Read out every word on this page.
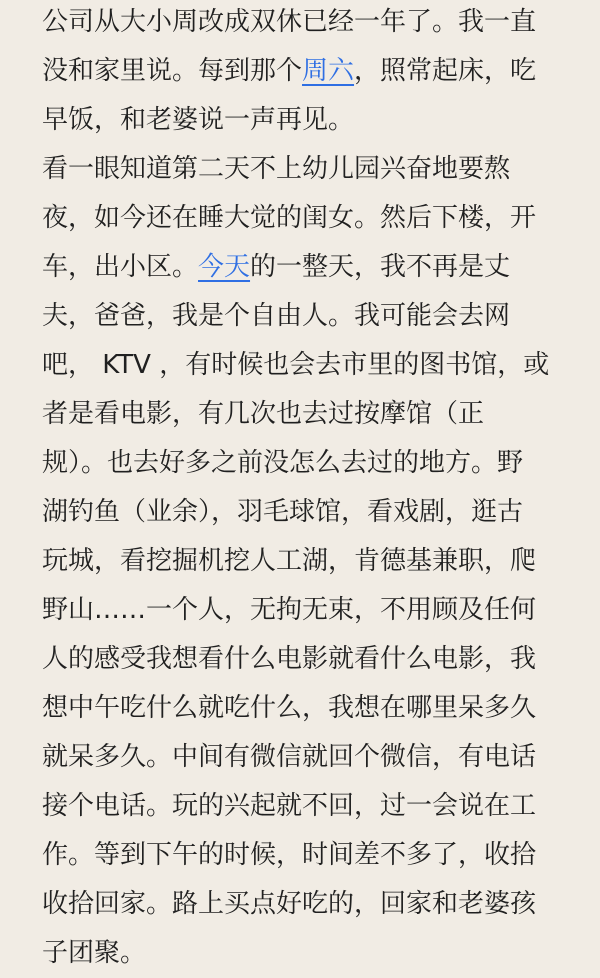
公司从大小周改成双休已经一年了。我一直
没和家里说。每到那个周六，照常起床，吃
早饭，和老婆说一声再见。
看一眼知道第二天不上幼儿园兴奋地要熬
夜，如今还在睡大觉的闺女。然后下楼，开
车，出小区。今天的一整天，我不再是丈
夫，爸爸，我是个自由人。我可能会去网
吧， KTV ，有时候也会去市里的图书馆，或
者是看电影，有几次也去过按摩馆（正
规）。也去好多之前没怎么去过的地方。野
湖钓鱼（业余），羽毛球馆，看戏剧，逛古
玩城，看挖掘机挖人工湖，肯德基兼职，爬
野山……一个人，无拘无束，不用顾及任何
人的感受我想看什么电影就看什么电影，我
想中午吃什么就吃什么，我想在哪里呆多久
就呆多久。中间有微信就回个微信，有电话
接个电话。玩的兴起就不回，过一会说在工
作。等到下午的时候，时间差不多了，收拾
收拾回家。路上买点好吃的，回家和老婆孩
子团聚。
